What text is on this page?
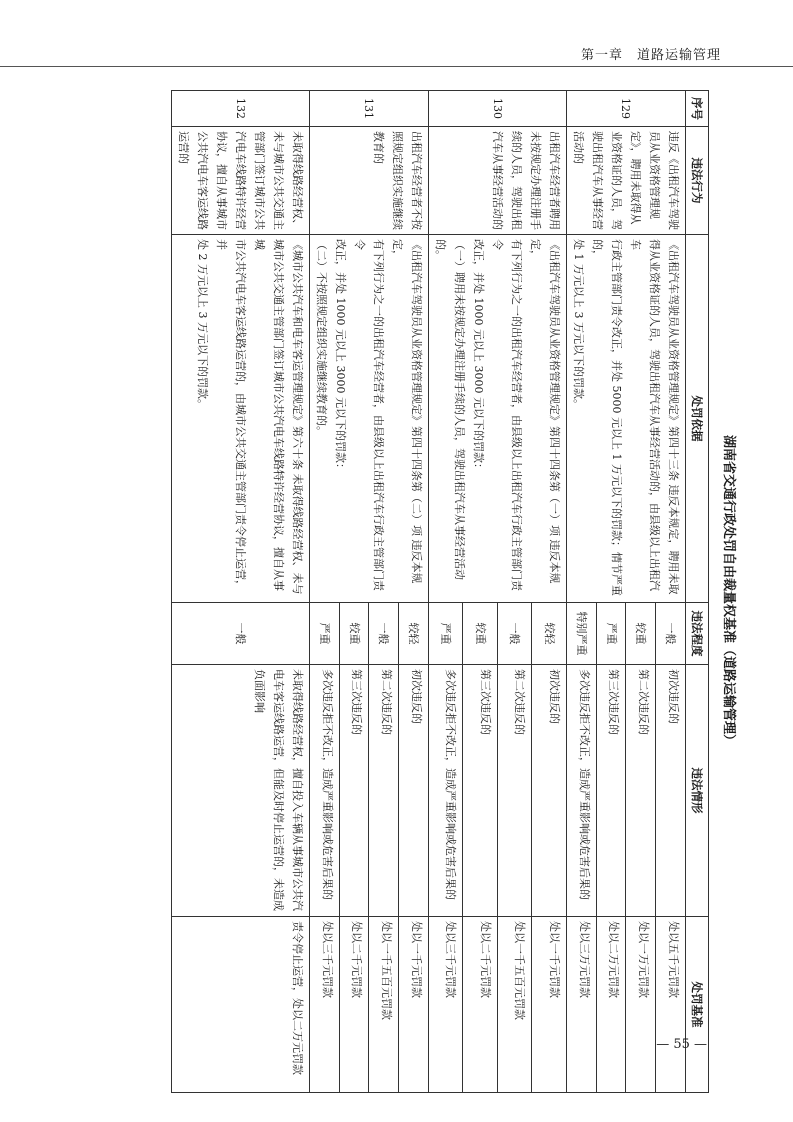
第一章　道路运输管理
湖南省交通行政处罚自由裁量权基准（道路运输管理）
序号	违法行为	处罚依据	违法程度	违法情形	处罚基准
129	违反《出租汽车驾驶员从业资格管理规定》，聘用未取得从业资格证的人员，驾驶出租汽车从事经营活动的	《出租汽车驾驶员从业资格管理规定》第四十三条 违反本规定，聘用未取
得从业资格证的人员，驾驶出租汽车从事经营活动的，由县级以上出租汽车
行政主管部门责令改正，并处 5000 元以上 1 万元以下的罚款；情节严重的，
处 1 万元以上 3 万元以下的罚款。	一般	初次违反的	处以五千元罚款
			较重	第二次违反的	处以一万元罚款
			严重	第三次违反的	处以二万元罚款
			特别严重	多次违反拒不改正，造成严重影响或危害后果的	处以三万元罚款
130	出租汽车经营者聘用未按规定办理注册手续的人员，驾驶出租汽车从事经营活动的	《出租汽车驾驶员从业资格管理规定》第四十四条第（一）项 违反本规定，
有下列行为之一的出租汽车经营者，由县级以上出租汽车行政主管部门责令
改正，并处 1000 元以上 3000 元以下的罚款：
（一）聘用未按规定办理注册手续的人员，驾驶出租汽车从事经营活动的。	较轻	初次违反的	处以一千元罚款
			一般	第二次违反的	处以一千五百元罚款
			较重	第三次违反的	处以二千元罚款
			严重	多次违反拒不改正，造成严重影响或危害后果的	处以三千元罚款
131	出租汽车经营者不按照规定组织实施继续教育的	《出租汽车驾驶员从业资格管理规定》第四十四条第（二）项 违反本规定，
有下列行为之一的出租汽车经营者，由县级以上出租汽车行政主管部门责令
改正，并处 1000 元以上 3000 元以下的罚款：
（二）不按照规定组织实施继续教育的。	较轻	初次违反的	处以一千元罚款
			一般	第二次违反的	处以一千五百元罚款
			较重	第三次违反的	处以二千元罚款
			严重	多次违反拒不改正，造成严重影响或危害后果的	处以三千元罚款
132	未取得线路经营权、未与城市公共交通主管部门签订城市公共汽电车线路特许经营协议，擅自从事城市公共汽电车客运线路运营的	《城市公共汽车和电车客运管理规定》第六十条 未取得线路经营权、未与
城市公共交通主管部门签订城市公共汽电车线路特许经营协议，擅自从事城
市公共汽电车客运线路运营的，由城市公共交通主管部门责令停止运营，并
处 2 万元以上 3 万元以下的罚款。	一般	未取得线路经营权，擅自投入车辆从事城市公共汽电车客运线路运营，但能及时停止运营的，未造成负面影响	责令停止运营，处以二万元罚款	— 55 —
